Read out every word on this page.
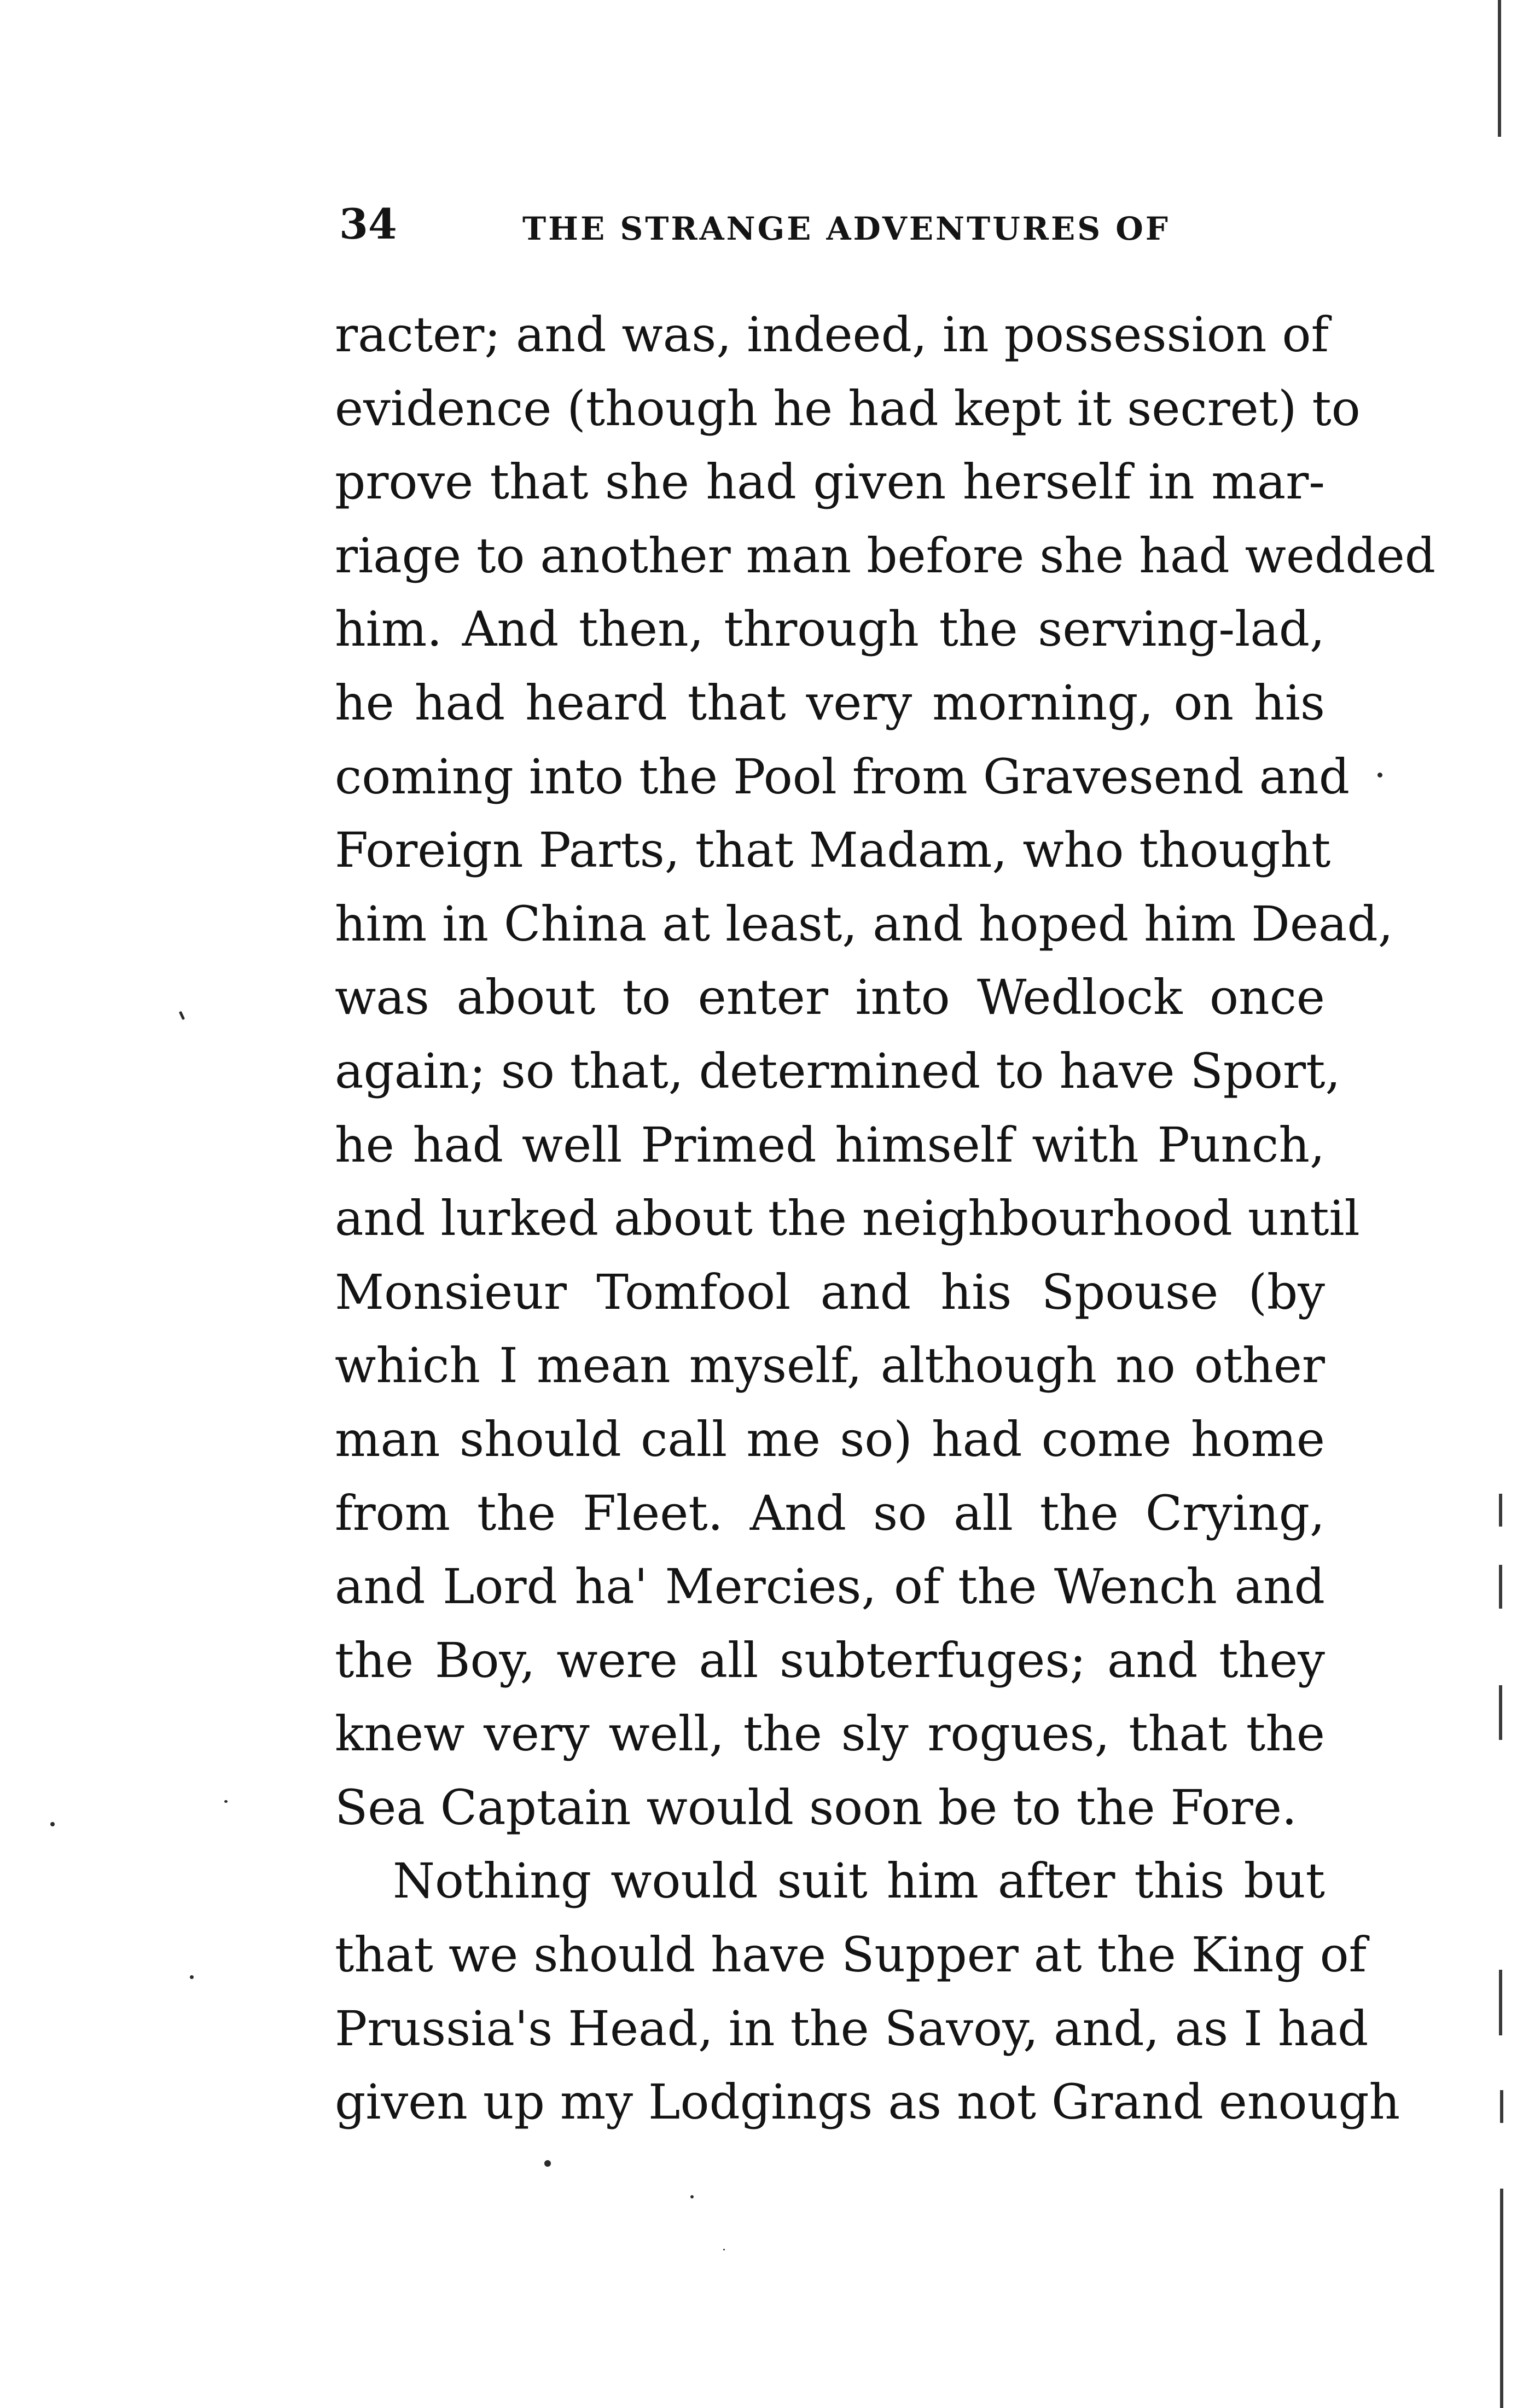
34	THE STRANGE ADVENTURES OF
racter; and was, indeed, in possession of
evidence (though he had kept it secret) to
prove that she had given herself in mar-
riage to another man before she had wedded
him. And then, through the serving-lad,
he had heard that very morning, on his
coming into the Pool from Gravesend and
Foreign Parts, that Madam, who thought
him in China at least, and hoped him Dead,
was about to enter into Wedlock once
again; so that, determined to have Sport,
he had well Primed himself with Punch,
and lurked about the neighbourhood until
Monsieur Tomfool and his Spouse (by
which I mean myself, although no other
man should call me so) had come home
from the Fleet. And so all the Crying,
and Lord ha' Mercies, of the Wench and
the Boy, were all subterfuges; and they
knew very well, the sly rogues, that the
Sea Captain would soon be to the Fore.
Nothing would suit him after this but
that we should have Supper at the King of
Prussia's Head, in the Savoy, and, as I had
given up my Lodgings as not Grand enough
